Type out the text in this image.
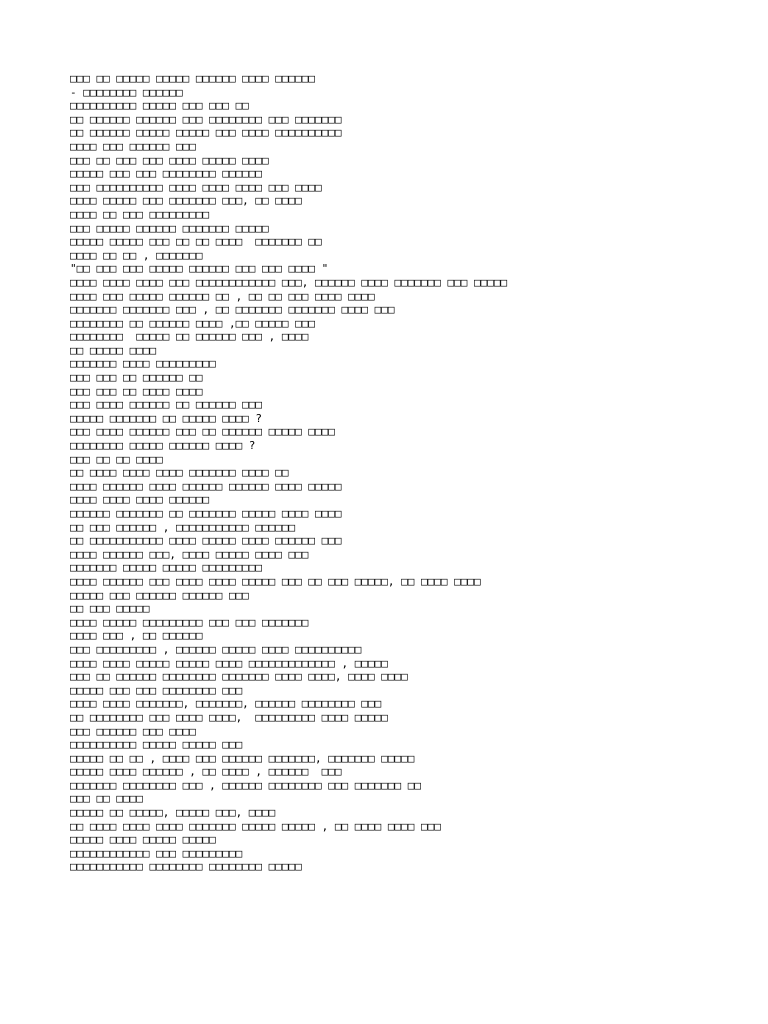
□□□ □□ □□□□□ □□□□□ □□□□□□ □□□□ □□□□□□
- □□□□□□□□ □□□□□□
□□□□□□□□□□ □□□□□ □□□ □□□ □□
□□ □□□□□□ □□□□□□ □□□ □□□□□□□□ □□□ □□□□□□□
□□ □□□□□□ □□□□□ □□□□□ □□□ □□□□ □□□□□□□□□□
□□□□ □□□ □□□□□□ □□□
□□□ □□ □□□ □□□ □□□□ □□□□□ □□□□
□□□□□ □□□ □□□ □□□□□□□□ □□□□□□
□□□ □□□□□□□□□□ □□□□ □□□□ □□□□ □□□ □□□□
□□□□ □□□□□ □□□ □□□□□□□ □□□, □□ □□□□
□□□□ □□ □□□ □□□□□□□□□
□□□ □□□□□ □□□□□□ □□□□□□□ □□□□□
□□□□□ □□□□□ □□□ □□ □□ □□□□  □□□□□□□ □□
□□□□ □□ □□ , □□□□□□□
"□□ □□□ □□□ □□□□□ □□□□□□ □□□ □□□ □□□□ "
□□□□ □□□□ □□□□ □□□ □□□□□□□□□□□□ □□□, □□□□□□ □□□□ □□□□□□□ □□□ □□□□□
□□□□ □□□ □□□□□ □□□□□□ □□ , □□ □□ □□□ □□□□ □□□□
□□□□□□□ □□□□□□□ □□□ , □□ □□□□□□□ □□□□□□□ □□□□ □□□
□□□□□□□□ □□ □□□□□□ □□□□ ,□□ □□□□□ □□□
□□□□□□□□  □□□□□ □□ □□□□□□ □□□ , □□□□
□□ □□□□□ □□□□
□□□□□□□ □□□□ □□□□□□□□□
□□□ □□□ □□ □□□□□□ □□
□□□ □□□ □□ □□□□ □□□□
□□□ □□□□ □□□□□□ □□ □□□□□□ □□□
□□□□□ □□□□□□□ □□ □□□□□ □□□□ ?
□□□ □□□□ □□□□□□ □□□ □□ □□□□□□ □□□□□ □□□□
□□□□□□□□ □□□□□ □□□□□□ □□□□ ?
□□□ □□ □□ □□□□
□□ □□□□ □□□□ □□□□ □□□□□□□ □□□□ □□
□□□□ □□□□□□ □□□□ □□□□□□ □□□□□□ □□□□ □□□□□
□□□□ □□□□ □□□□ □□□□□□
□□□□□□ □□□□□□□ □□ □□□□□□□ □□□□□ □□□□ □□□□
□□ □□□ □□□□□□ , □□□□□□□□□□□ □□□□□□
□□ □□□□□□□□□□□ □□□□ □□□□□ □□□□ □□□□□□ □□□
□□□□ □□□□□□ □□□, □□□□ □□□□□ □□□□ □□□
□□□□□□□ □□□□□ □□□□□ □□□□□□□□□
□□□□ □□□□□□ □□□ □□□□ □□□□ □□□□□ □□□ □□ □□□ □□□□□, □□ □□□□ □□□□
□□□□□ □□□ □□□□□□ □□□□□□ □□□
□□ □□□ □□□□□
□□□□ □□□□□ □□□□□□□□□ □□□ □□□ □□□□□□□
□□□□ □□□ , □□ □□□□□□
□□□ □□□□□□□□□ , □□□□□□ □□□□□ □□□□ □□□□□□□□□□
□□□□ □□□□ □□□□□ □□□□□ □□□□ □□□□□□□□□□□□□ , □□□□□
□□□ □□ □□□□□□ □□□□□□□□ □□□□□□□ □□□□ □□□□, □□□□ □□□□
□□□□□ □□□ □□□ □□□□□□□□ □□□
□□□□ □□□□ □□□□□□□, □□□□□□□, □□□□□□ □□□□□□□□ □□□
□□ □□□□□□□□ □□□ □□□□ □□□□,  □□□□□□□□□ □□□□ □□□□□
□□□ □□□□□□ □□□ □□□□
□□□□□□□□□□ □□□□□ □□□□□ □□□
□□□□□ □□ □□ , □□□□ □□□ □□□□□□ □□□□□□□, □□□□□□□ □□□□□
□□□□□ □□□□ □□□□□□ , □□ □□□□ , □□□□□□  □□□
□□□□□□□ □□□□□□□□ □□□ , □□□□□□ □□□□□□□□ □□□ □□□□□□□ □□
□□□ □□ □□□□
□□□□□ □□ □□□□□, □□□□□ □□□, □□□□
□□ □□□□ □□□□ □□□□ □□□□□□□ □□□□□ □□□□□ , □□ □□□□ □□□□ □□□
□□□□□ □□□□ □□□□□ □□□□□
□□□□□□□□□□□□ □□□ □□□□□□□□□
□□□□□□□□□□□ □□□□□□□□ □□□□□□□□ □□□□□
